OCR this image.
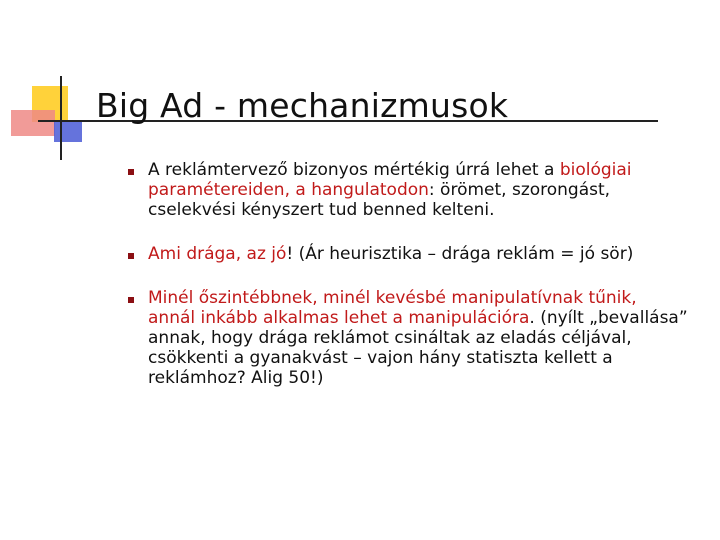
Big Ad - mechanizmusok
A reklámtervező bizonyos mértékig úrrá lehet a biológiai paramétereiden, a hangulatodon: örömet, szorongást, cselekvési kényszert tud benned kelteni.
Ami drága, az jó! (Ár heurisztika – drága reklám = jó sör)
Minél őszintébbnek, minél kevésbé manipulatívnak tűnik, annál inkább alkalmas lehet a manipulációra. (nyílt „bevallása” annak, hogy drága reklámot csináltak az eladás céljával, csökkenti a gyanakvást – vajon hány statiszta kellett a reklámhoz? Alig 50!)
